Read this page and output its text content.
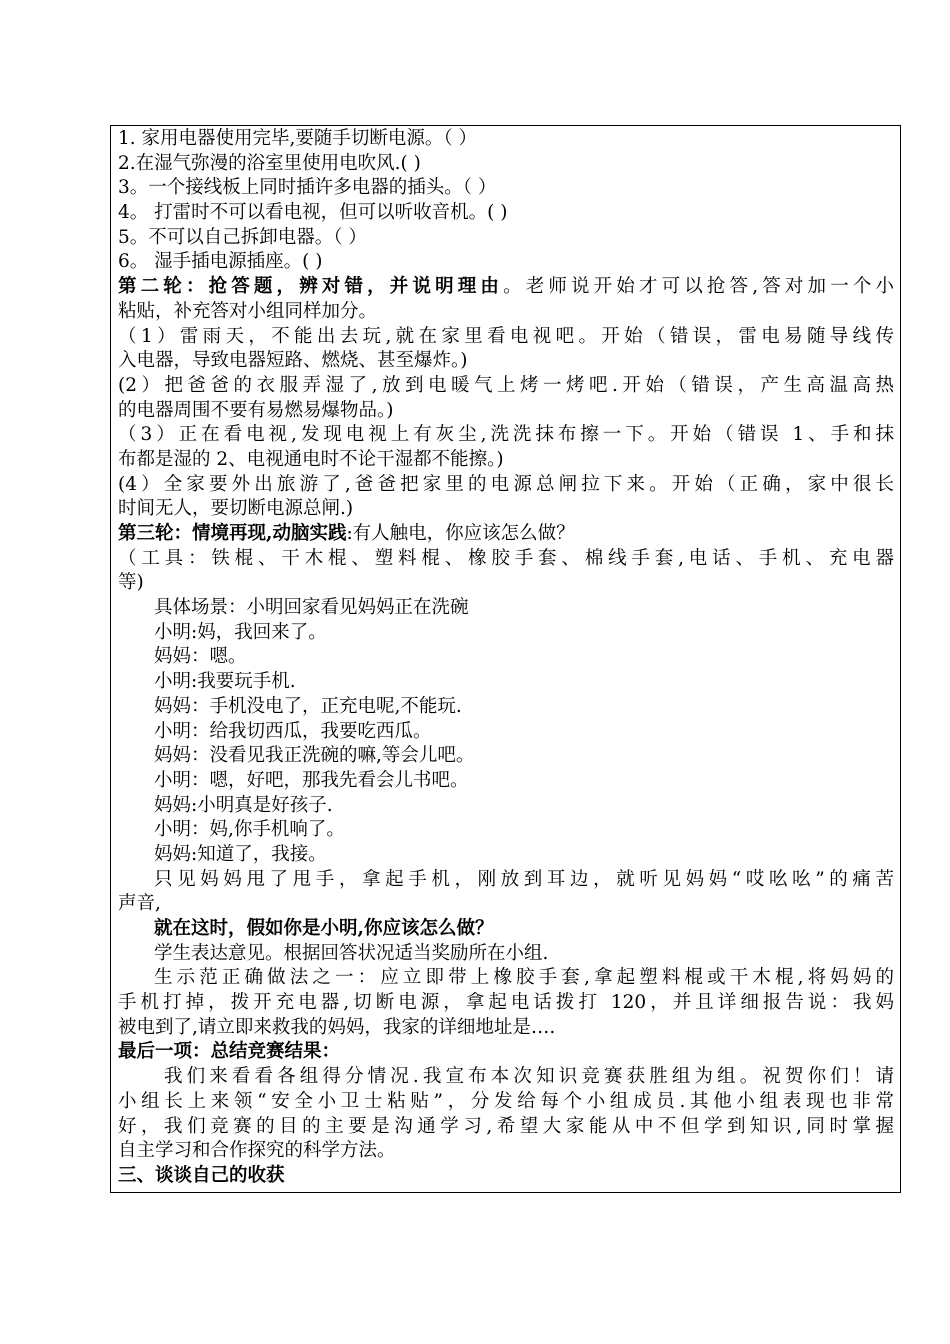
1. 家用电器使用完毕,要随手切断电源。（ ）
2.在湿气弥漫的浴室里使用电吹风.( )
3。一个接线板上同时插许多电器的插头。（ ）
4。 打雷时不可以看电视，但可以听收音机。( )
5。不可以自己拆卸电器。（ ）
6。 湿手插电源插座。( )
第二轮：抢答题，辨对错，并说明理由。老师说开始才可以抢答,答对加一个小
粘贴，补充答对小组同样加分。
（1）雷雨天，不能出去玩,就在家里看电视吧。开始（错误，雷电易随导线传
入电器，导致电器短路、燃烧、甚至爆炸。)
(2）把爸爸的衣服弄湿了,放到电暖气上烤一烤吧.开始（错误，产生高温高热
的电器周围不要有易燃易爆物品。)
（3）正在看电视,发现电视上有灰尘,洗洗抹布擦一下。开始（错误 1、手和抹
布都是湿的 2、电视通电时不论干湿都不能擦。)
(4）全家要外出旅游了,爸爸把家里的电源总闸拉下来。开始（正确，家中很长
时间无人，要切断电源总闸.)
第三轮：情境再现,动脑实践:有人触电，你应该怎么做？
（工具：铁棍、干木棍、塑料棍、橡胶手套、棉线手套,电话、手机、充电器
等)
具体场景：小明回家看见妈妈正在洗碗
小明:妈，我回来了。
妈妈：嗯。
小明:我要玩手机.
妈妈：手机没电了，正充电呢,不能玩.
小明：给我切西瓜，我要吃西瓜。
妈妈：没看见我正洗碗的嘛,等会儿吧。
小明：嗯，好吧，那我先看会儿书吧。
妈妈:小明真是好孩子.
小明：妈,你手机响了。
妈妈:知道了，我接。
只见妈妈甩了甩手，拿起手机，刚放到耳边，就听见妈妈“哎吆吆”的痛苦
声音,
就在这时，假如你是小明,你应该怎么做？
学生表达意见。根据回答状况适当奖励所在小组.
生示范正确做法之一：应立即带上橡胶手套,拿起塑料棍或干木棍,将妈妈的
手机打掉，拨开充电器,切断电源，拿起电话拨打 120，并且详细报告说：我妈
被电到了,请立即来救我的妈妈，我家的详细地址是….
最后一项：总结竞赛结果：
我们来看看各组得分情况.我宣布本次知识竞赛获胜组为组。祝贺你们！请
小组长上来领“安全小卫士粘贴”，分发给每个小组成员.其他小组表现也非常
好，我们竞赛的目的主要是沟通学习,希望大家能从中不但学到知识,同时掌握
自主学习和合作探究的科学方法。
三、谈谈自己的收获
